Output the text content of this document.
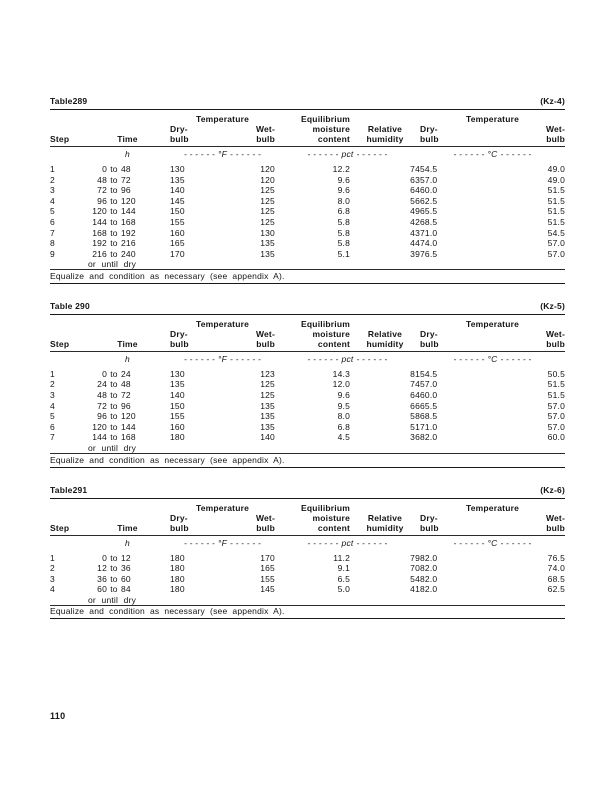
Table289	(Kz-4)
		Temperature		Equilibrium		Temperature	
		Dry-	Wet-	moisture	Relative	Dry-	Wet-
Step	Time	bulb	bulb	content	humidity	bulb	bulb
	h	- - - - - - °F - - - - - -		- - - - - - pct - - - - - -		- - - - - - °C - - - - - -	
1	0 to 48	130	120	12.2	74	54.5	49.0
2	48 to 72	135	120	9.6	63	57.0	49.0
3	72 to 96	140	125	9.6	64	60.0	51.5
4	96 to 120	145	125	8.0	56	62.5	51.5
5	120 to 144	150	125	6.8	49	65.5	51.5
6	144 to 168	155	125	5.8	42	68.5	51.5
7	168 to 192	160	130	5.8	43	71.0	54.5
8	192 to 216	165	135	5.8	44	74.0	57.0
9	216 to 240	170	135	5.1	39	76.5	57.0
or until dry							
Equalize and condition as necessary (see appendix A).							
Table 290	(Kz-5)
		Temperature		Equilibrium		Temperature	
		Dry-	Wet-	moisture	Relative	Dry-	Wet-
Step	Time	bulb	bulb	content	humidity	bulb	bulb
	h	- - - - - - °F - - - - - -		- - - - - - pct - - - - - -		- - - - - - °C - - - - - -	
1	0 to 24	130	123	14.3	81	54.5	50.5
2	24 to 48	135	125	12.0	74	57.0	51.5
3	48 to 72	140	125	9.6	64	60.0	51.5
4	72 to 96	150	135	9.5	66	65.5	57.0
5	96 to 120	155	135	8.0	58	68.5	57.0
6	120 to 144	160	135	6.8	51	71.0	57.0
7	144 to 168	180	140	4.5	36	82.0	60.0
or until dry							
Equalize and condition as necessary (see appendix A).							
Table291	(Kz-6)
		Temperature		Equilibrium		Temperature	
		Dry-	Wet-	moisture	Relative	Dry-	Wet-
Step	Time	bulb	bulb	content	humidity	bulb	bulb
	h	- - - - - - °F - - - - - -		- - - - - - pct - - - - - -		- - - - - - °C - - - - - -	
1	0 to 12	180	170	11.2	79	82.0	76.5
2	12 to 36	180	165	9.1	70	82.0	74.0
3	36 to 60	180	155	6.5	54	82.0	68.5
4	60 to 84	180	145	5.0	41	82.0	62.5
or until dry							
Equalize and condition as necessary (see appendix A).							
110
